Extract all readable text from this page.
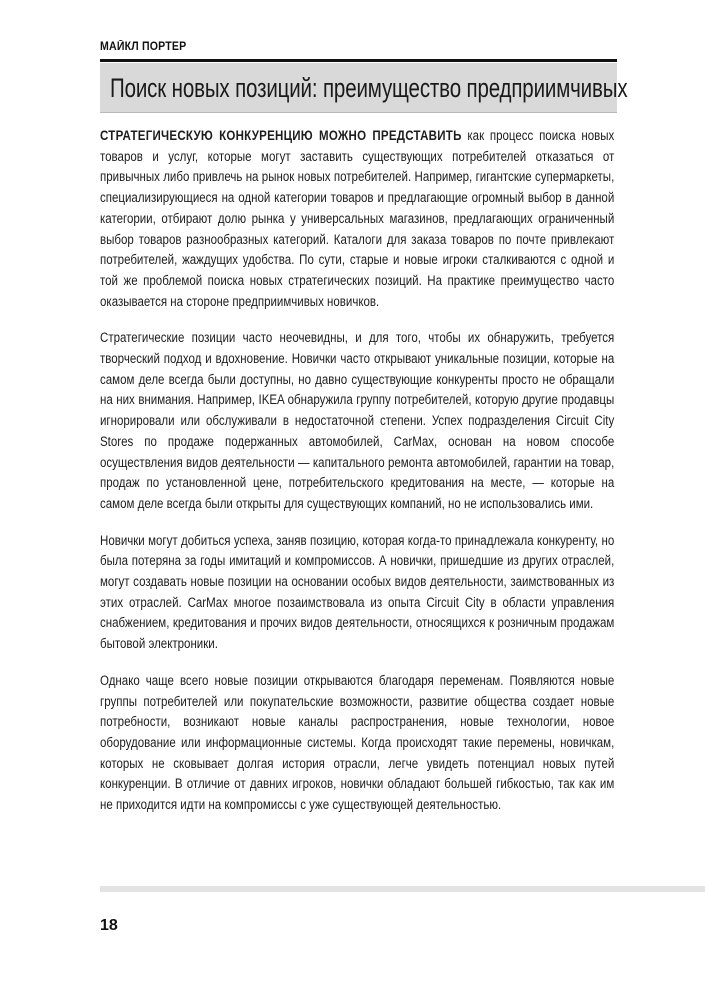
МАЙКЛ ПОРТЕР
Поиск новых позиций: преимущество предприимчивых

СТРАТЕГИЧЕСКУЮ КОНКУРЕНЦИЮ МОЖНО ПРЕДСТАВИТЬ как процесс поиска новых товаров и услуг, которые могут заставить существующих потребителей отказаться от привычных либо привлечь на рынок новых потребителей. Например, гигантские супермаркеты, специализирующиеся на одной категории товаров и предлагающие огромный выбор в данной категории, отбирают долю рынка у универсальных магазинов, предлагающих ограниченный выбор товаров разнообразных категорий. Каталоги для заказа товаров по почте привлекают потребителей, жаждущих удобства. По сути, старые и новые игроки сталкиваются с одной и той же проблемой поиска новых стратегических позиций. На практике преимущество часто оказывается на стороне предприимчивых новичков.

Стратегические позиции часто неочевидны, и для того, чтобы их обнаружить, требуется творческий подход и вдохновение. Новички часто открывают уникальные позиции, которые на самом деле всегда были доступны, но давно существующие конкуренты просто не обращали на них внимания. Например, IKEA обнаружила группу потребителей, которую другие продавцы игнорировали или обслуживали в недостаточной степени. Успех подразделения Circuit City Stores по продаже подержанных автомобилей, CarMax, основан на новом способе осуществления видов деятельности — капитального ремонта автомобилей, гарантии на товар, продаж по установленной цене, потребительского кредитования на месте, — которые на самом деле всегда были открыты для существующих компаний, но не использовались ими.

Новички могут добиться успеха, заняв позицию, которая когда-то принадлежала конкуренту, но была потеряна за годы имитаций и компромиссов. А новички, пришедшие из других отраслей, могут создавать новые позиции на основании особых видов деятельности, заимствованных из этих отраслей. CarMax многое позаимствовала из опыта Circuit City в области управления снабжением, кредитования и прочих видов деятельности, относящихся к розничным продажам бытовой электроники.

Однако чаще всего новые позиции открываются благодаря переменам. Появляются новые группы потребителей или покупательские возможности, развитие общества создает новые потребности, возникают новые каналы распространения, новые технологии, новое оборудование или информационные системы. Когда происходят такие перемены, новичкам, которых не сковывает долгая история отрасли, легче увидеть потенциал новых путей конкуренции. В отличие от давних игроков, новички обладают большей гибкостью, так как им не приходится идти на компромиссы с уже существующей деятельностью.

18
